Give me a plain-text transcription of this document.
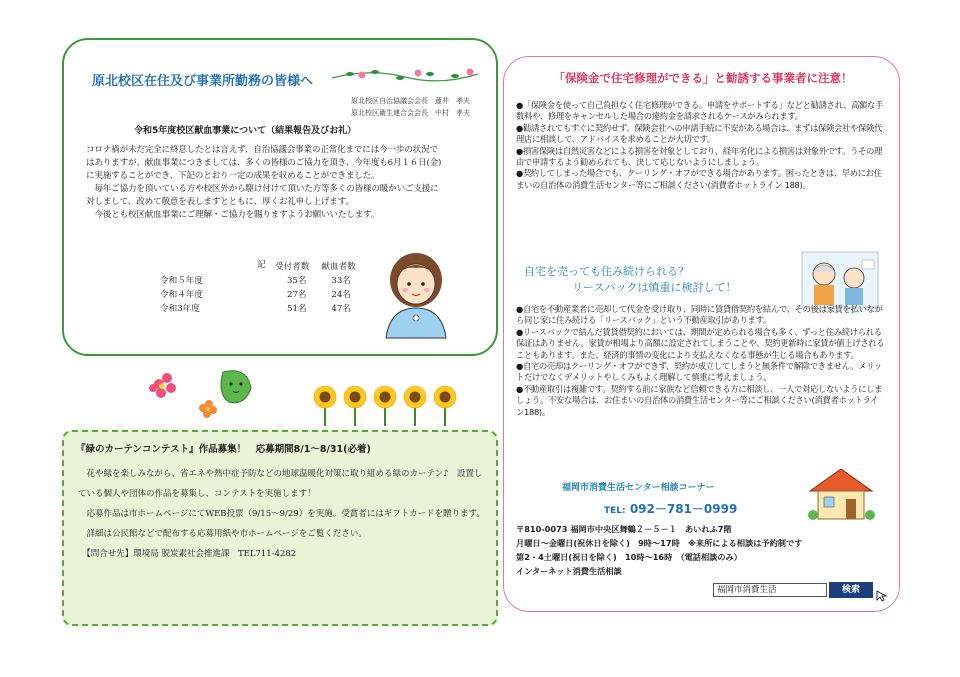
原北校区在住及び事業所勤務の皆様へ
原北校区自治協議会会長　 蓮井　孝夫
原北校区衛生連合会会長　 中村　孝夫
令和5年度校区献血事業について（結果報告及びお礼）

コロナ禍が未だ完全に終息したとは言えず、自治協議会事業の正常化までには今一歩の状況ではありますが、献血事業につきましては、多くの皆様のご協力を頂き、今年度も6月１６日(金)に実施することができ、下記のとおり一定の成果を収めることができました。

　毎年ご協力を頂いている方や校区外から駆け付けて頂いた方等多くの皆様の暖かいご支援に対しまして、改めて敬意を表しますとともに、厚くお礼申し上げます。

　今後とも校区献血事業にご理解・ご協力を賜りますようお願いいたします。

記
	受付者数	献血者数
令和５年度	35名	33名
令和４年度	27名	24名
令和3年度	51名	47名
『緑のカーテンコンテスト』作品募集！　応募期間8/1～8/31(必着)

　花や緑を楽しみながら、省エネや熱中症予防などの地球温暖化対策に取り組める緑のカーテン♪　設置している個人や団体の作品を募集し、コンテストを実施します！

　応募作品は市ホームページにてWEB投票（9/15～9/29）を実施。受賞者にはギフトカードを贈ります。

　詳細は公民館などで配布する応募用紙や市ホームページをご覧ください。

　【問合せ先】環境局 脱炭素社会推進課　TEL711-4282

「保険金で住宅修理ができる」と勧誘する事業者に注意！

●「保険金を使って自己負担なく住宅修理ができる。申請をサポートする」などと勧誘され、高額な手数料や、修理をキャンセルした場合の違約金を請求されるケースがみられます。

●勧誘されてもすぐに契約せず、保険会社への申請手続に不安がある場合は、まずは保険会社や保険代理店に相談して、アドバイスを求めることが大切です。

●損害保険は自然災害などによる損害を対象としており、経年劣化による損害は対象外です。うその理由で申請するよう勧められても、決して応じないようにしましょう。

●契約してしまった場合でも、クーリング・オフができる場合があります。困ったときは、早めにお住まいの自治体の消費生活センター等にご相談ください(消費者ホットライン 188)。

自宅を売っても住み続けられる？
リースバックは慎重に検討して！

●自宅を不動産業者に売却して代金を受け取り、同時に賃貸借契約を結んで、その後は家賃を払いながら同じ家に住み続ける「リースバック」という不動産取引があります。

●リースバックで結んだ賃貸借契約においては、期間が定められる場合も多く、ずっと住み続けられる保証はありません。家賃が相場より高額に設定されてしまうことや、契約更新時に家賃が値上げされることもあります。また、経済的事情の変化により支払えなくなる事態が生じる場合もあります。

●自宅の売却はクーリング・オフができず、契約が成立してしまうと無条件で解除できません。メリットだけでなくデメリットやしくみもよく理解して慎重に考えましょう。

●不動産取引は複雑です。契約する前に家族など信頼できる方に相談し、一人で対応しないようにしましょう。不安な場合は、お住まいの自治体の消費生活センター等にご相談ください(消費者ホットライン188)。

福岡市消費生活センター相談コーナー
TEL: 092－781－0999
〒810-0073 福岡市中央区舞鶴２－５－１　あいれふ7階
月曜日～金曜日(祝休日を除く)　9時～17時　※来所による相談は予約制です
第2・4土曜日(祝日を除く)　10時～16時　（電話相談のみ）
インターネット消費生活相談
福岡市消費生活	検索
